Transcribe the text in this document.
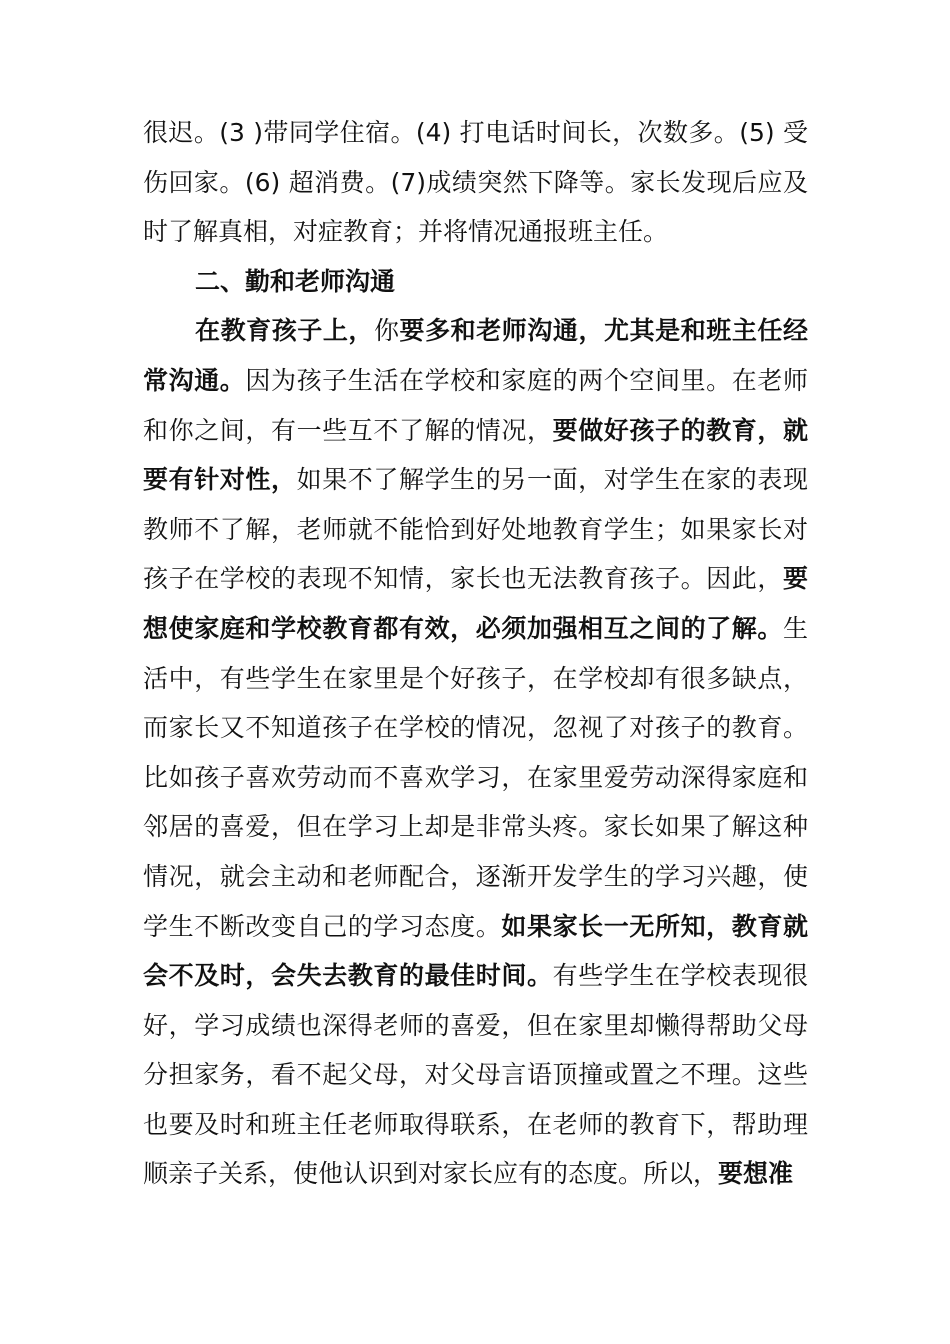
很迟。(3 )带同学住宿。(4) 打电话时间长，次数多。(5) 受伤回家。(6) 超消费。(7)成绩突然下降等。家长发现后应及时了解真相，对症教育；并将情况通报班主任。

二、勤和老师沟通

在教育孩子上，你要多和老师沟通，尤其是和班主任经常沟通。因为孩子生活在学校和家庭的两个空间里。在老师和你之间，有一些互不了解的情况，要做好孩子的教育，就要有针对性，如果不了解学生的另一面，对学生在家的表现教师不了解，老师就不能恰到好处地教育学生；如果家长对孩子在学校的表现不知情，家长也无法教育孩子。因此，要想使家庭和学校教育都有效，必须加强相互之间的了解。生活中，有些学生在家里是个好孩子，在学校却有很多缺点，而家长又不知道孩子在学校的情况，忽视了对孩子的教育。比如孩子喜欢劳动而不喜欢学习，在家里爱劳动深得家庭和邻居的喜爱，但在学习上却是非常头疼。家长如果了解这种情况，就会主动和老师配合，逐渐开发学生的学习兴趣，使学生不断改变自己的学习态度。如果家长一无所知，教育就会不及时，会失去教育的最佳时间。有些学生在学校表现很好，学习成绩也深得老师的喜爱，但在家里却懒得帮助父母分担家务，看不起父母，对父母言语顶撞或置之不理。这些也要及时和班主任老师取得联系，在老师的教育下，帮助理顺亲子关系，使他认识到对家长应有的态度。所以，要想准
